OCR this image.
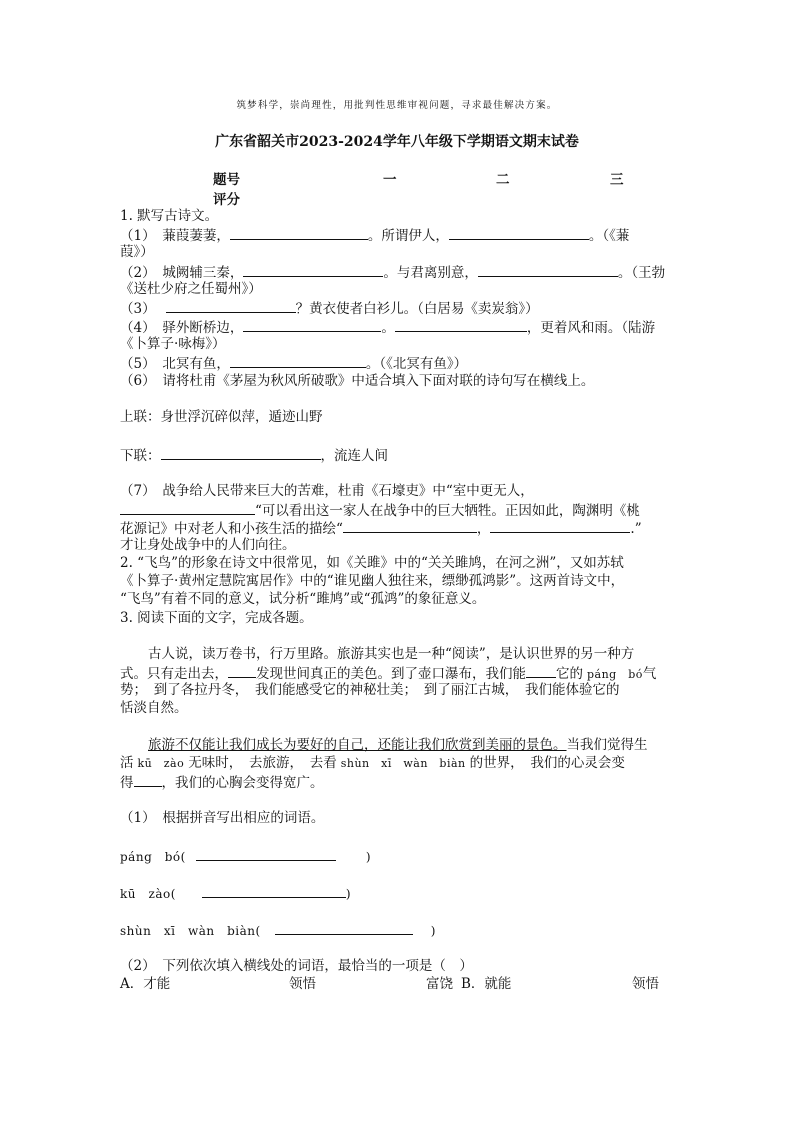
筑梦科学，崇尚理性，用批判性思维审视问题，寻求最佳解决方案。
广东省韶关市2023-2024学年八年级下学期语文期末试卷
题号	一	二	三
评分
1. 默写古诗文。
（1）　蒹葭萋萋，	。所谓伊人，	。（《蒹
葭》）
（2）　城阙辅三秦，	。与君离别意，	。（王勃
《送杜少府之任蜀州》）
（3）	？黄衣使者白衫儿。（白居易《卖炭翁》）
（4）　驿外断桥边，	。	，更着风和雨。（陆游
《卜算子·咏梅》）
（5）　北冥有鱼，	。（《北冥有鱼》）
（6）　请将杜甫《茅屋为秋风所破歌》中适合填入下面对联的诗句写在横线上。
上联：身世浮沉碎似萍，遁迹山野
下联：	，流连人间
（7）　战争给人民带来巨大的苦难，杜甫《石壕吏》中“室中更无人，
“可以看出这一家人在战争中的巨大牺牲。正因如此，陶渊明《桃
花源记》中对老人和小孩生活的描绘“	，	.”
才让身处战争中的人们向往。
2. “飞鸟”的形象在诗文中很常见，如《关雎》中的“关关雎鸠，在河之洲”，又如苏轼
《卜算子·黄州定慧院寓居作》中的“谁见幽人独往来，缥缈孤鸿影”。这两首诗文中，
“飞鸟”有着不同的意义，试分析“雎鸠”或“孤鸿”的象征意义。
3. 阅读下面的文字，完成各题。
古人说，读万卷书，行万里路。旅游其实也是一种“阅读”，是认识世界的另一种方
式。只有走出去， 发现世间真正的美色。到了壶口瀑布，我们能 它的 páng　bó气
势；　到了各拉丹冬，　我们能感受它的神秘壮美；　到了丽江古城，　我们能体验它的
恬淡自然。
旅游不仅能让我们成长为要好的自己，还能让我们欣赏到美丽的景色。当我们觉得生
活 kū　zào 无味时，　去旅游，　去看 shùn　xī　wàn　biàn 的世界，　我们的心灵会变
得 ，我们的心胸会变得宽广。
（1）　根据拼音写出相应的词语。
páng　bó(	)
kū　zào(	)
shùn　xī　wàn　biàn(	)
（2）　下列依次填入横线处的词语，最恰当的一项是（　）
A．才能	领悟	富饶 B．就能	领悟
